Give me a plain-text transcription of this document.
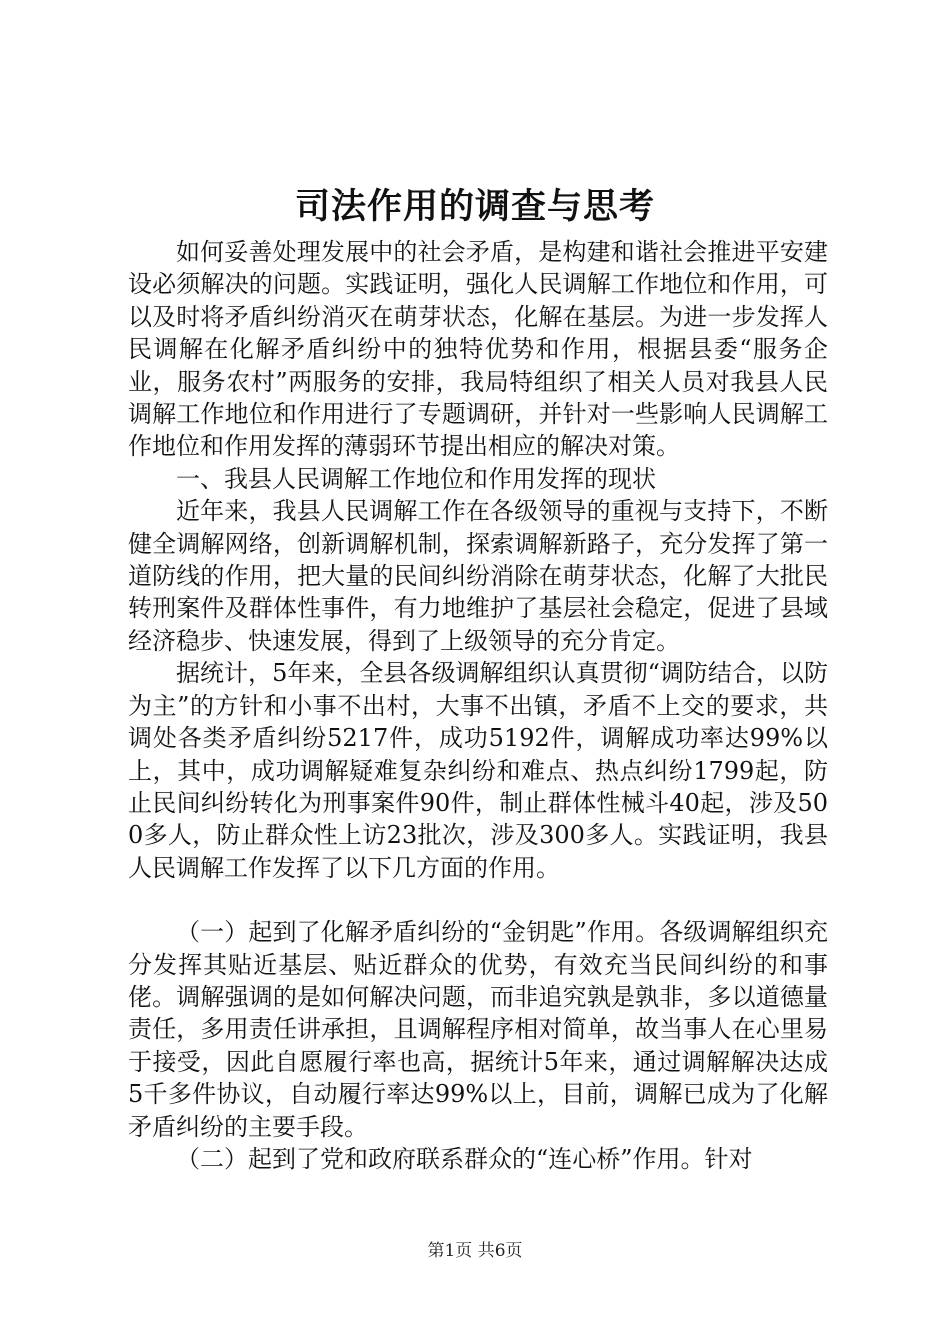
司法作用的调查与思考

如何妥善处理发展中的社会矛盾，是构建和谐社会推进平安建设必须解决的问题。实践证明，强化人民调解工作地位和作用，可以及时将矛盾纠纷消灭在萌芽状态，化解在基层。为进一步发挥人民调解在化解矛盾纠纷中的独特优势和作用，根据县委“服务企业，服务农村”两服务的安排，我局特组织了相关人员对我县人民调解工作地位和作用进行了专题调研，并针对一些影响人民调解工作地位和作用发挥的薄弱环节提出相应的解决对策。

一、我县人民调解工作地位和作用发挥的现状

近年来，我县人民调解工作在各级领导的重视与支持下，不断健全调解网络，创新调解机制，探索调解新路子，充分发挥了第一道防线的作用，把大量的民间纠纷消除在萌芽状态，化解了大批民转刑案件及群体性事件，有力地维护了基层社会稳定，促进了县域经济稳步、快速发展，得到了上级领导的充分肯定。

据统计，5年来，全县各级调解组织认真贯彻“调防结合，以防为主”的方针和小事不出村，大事不出镇，矛盾不上交的要求，共调处各类矛盾纠纷5217件，成功5192件，调解成功率达99%以上，其中，成功调解疑难复杂纠纷和难点、热点纠纷1799起，防止民间纠纷转化为刑事案件90件，制止群体性械斗40起，涉及500多人，防止群众性上访23批次，涉及300多人。实践证明，我县人民调解工作发挥了以下几方面的作用。

（一）起到了化解矛盾纠纷的“金钥匙”作用。各级调解组织充分发挥其贴近基层、贴近群众的优势，有效充当民间纠纷的和事佬。调解强调的是如何解决问题，而非追究孰是孰非，多以道德量责任，多用责任讲承担，且调解程序相对简单，故当事人在心里易于接受，因此自愿履行率也高，据统计5年来，通过调解解决达成5千多件协议，自动履行率达99%以上，目前，调解已成为了化解矛盾纠纷的主要手段。

（二）起到了党和政府联系群众的“连心桥”作用。针对

第1页 共6页
